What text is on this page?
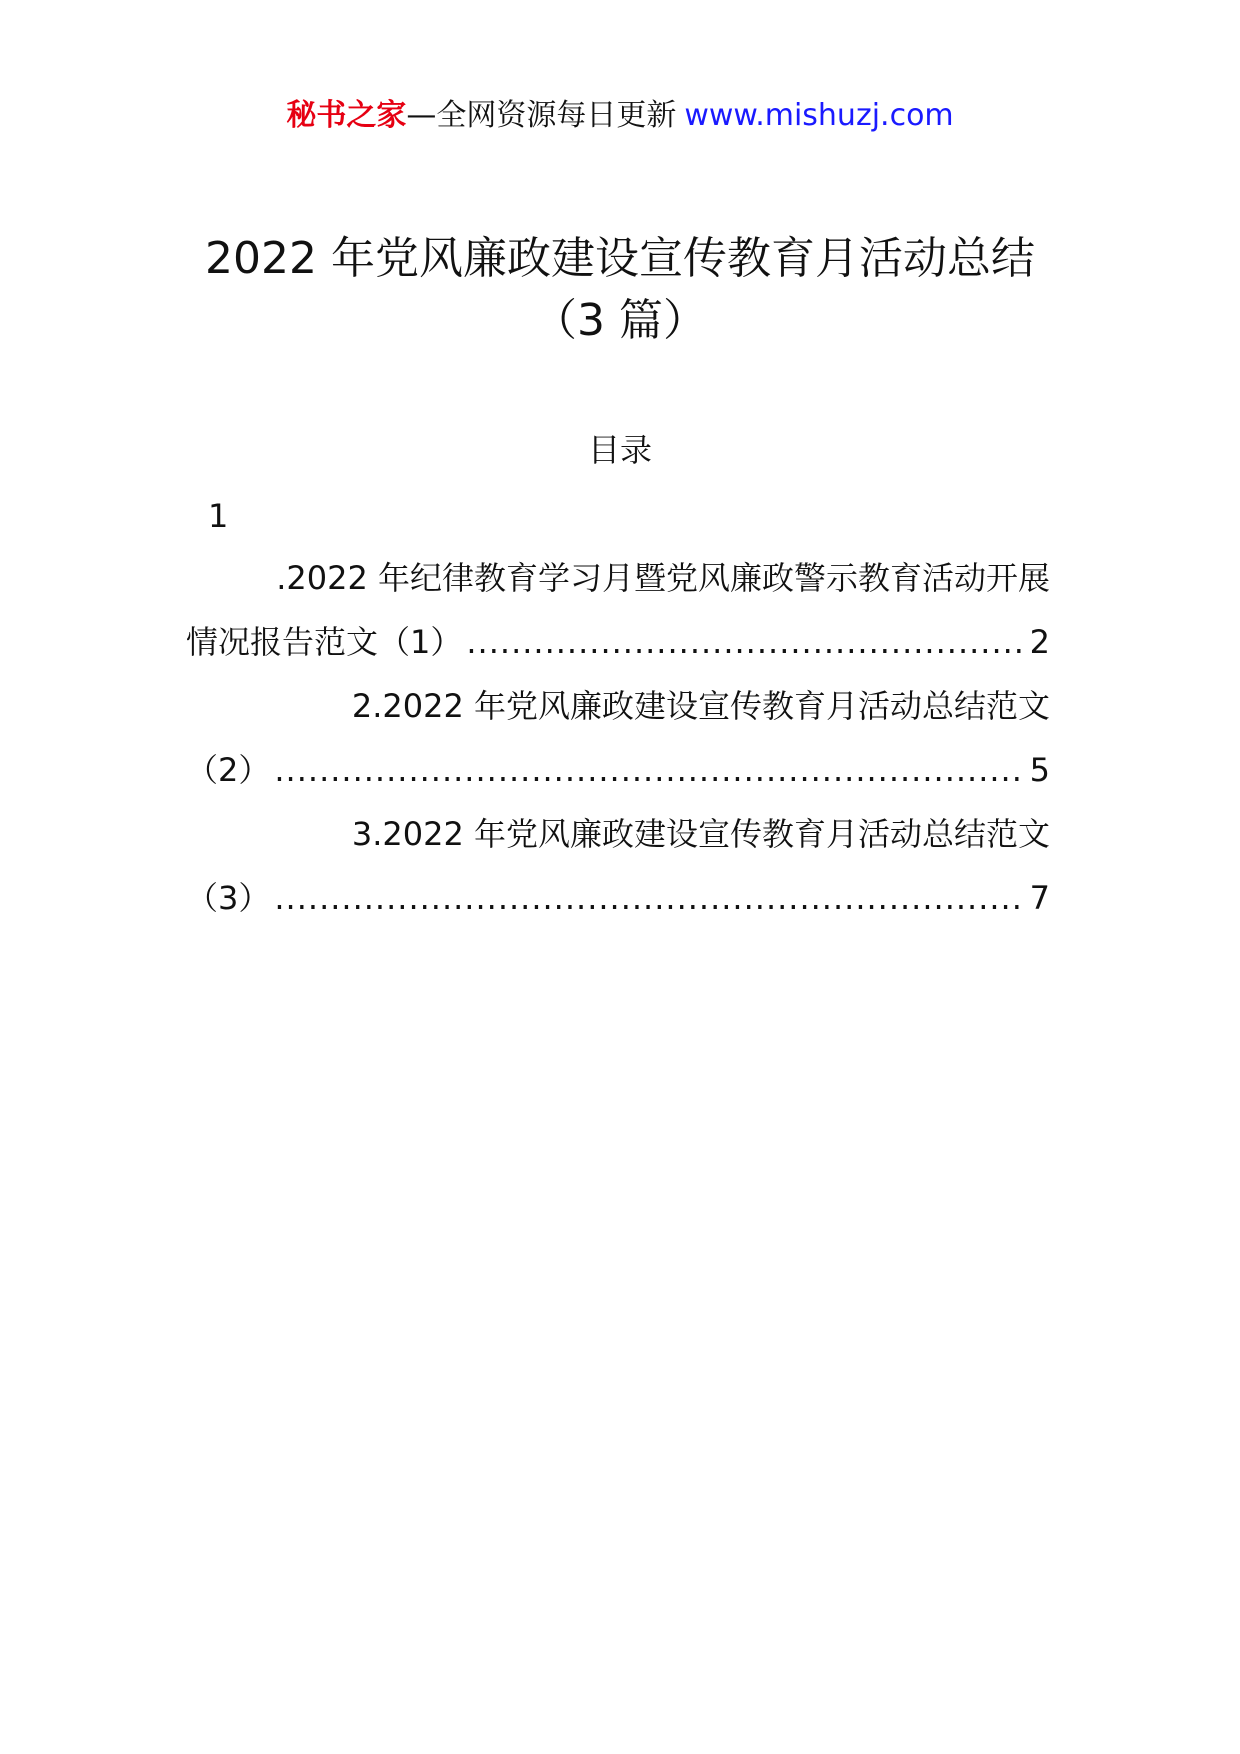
秘书之家—全网资源每日更新 www.mishuzj.com
2022 年党风廉政建设宣传教育月活动总结
（3 篇）
目录
1
.2022 年纪律教育学习月暨党风廉政警示教育活动开展
情况报告范文（1） .....	2
2.2022 年党风廉政建设宣传教育月活动总结范文
（2） .....	5
3.2022 年党风廉政建设宣传教育月活动总结范文
（3） .....	7
